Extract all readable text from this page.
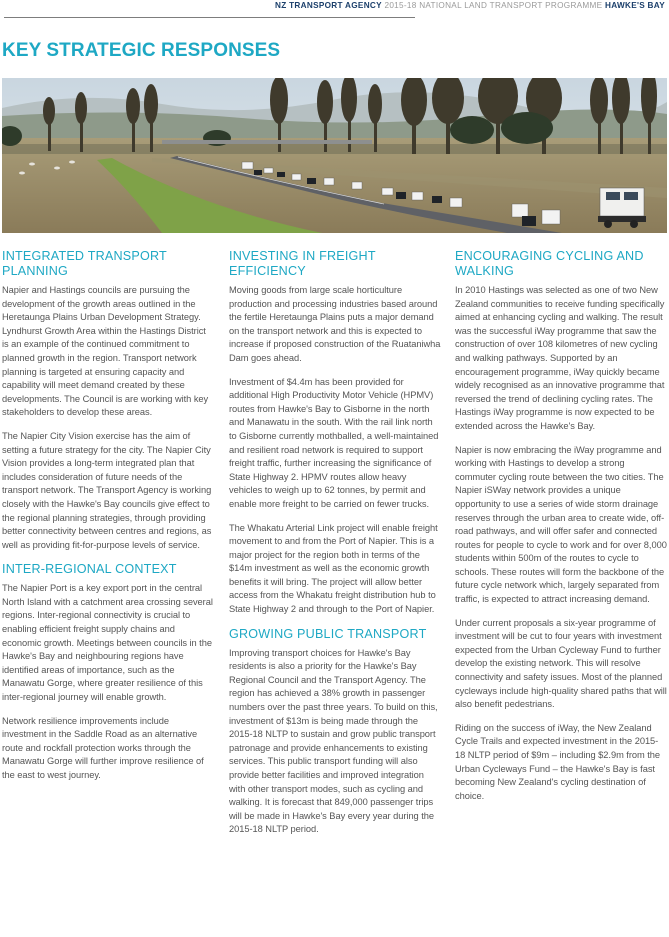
NZ TRANSPORT AGENCY 2015-18 NATIONAL LAND TRANSPORT PROGRAMME HAWKE'S BAY
KEY STRATEGIC RESPONSES
INTEGRATED TRANSPORT PLANNING

Napier and Hastings councils are pursuing the development of the growth areas outlined in the Heretaunga Plains Urban Development Strategy. Lyndhurst Growth Area within the Hastings District is an example of the continued commitment to planned growth in the region. Transport network planning is targeted at ensuring capacity and capability will meet demand created by these developments. The Council is are working with key stakeholders to develop these areas.

The Napier City Vision exercise has the aim of setting a future strategy for the city. The Napier City Vision provides a long-term integrated plan that includes consideration of future needs of the transport network. The Transport Agency is working closely with the Hawke's Bay councils give effect to the regional planning strategies, through providing better connectivity between centres and regions, as well as providing fit-for-purpose levels of service.

INTER-REGIONAL CONTEXT

The Napier Port is a key export port in the central North Island with a catchment area crossing several regions. Inter-regional connectivity is crucial to enabling efficient freight supply chains and economic growth. Meetings between councils in the Hawke's Bay and neighbouring regions have identified areas of importance, such as the Manawatu Gorge, where greater resilience of this inter-regional journey will enable growth.

Network resilience improvements include investment in the Saddle Road as an alternative route and rockfall protection works through the Manawatu Gorge will further improve resilience of the east to west journey.

INVESTING IN FREIGHT EFFICIENCY

Moving goods from large scale horticulture production and processing industries based around the fertile Heretaunga Plains puts a major demand on the transport network and this is expected to increase if proposed construction of the Ruataniwha Dam goes ahead.

Investment of $4.4m has been provided for additional High Productivity Motor Vehicle (HPMV) routes from Hawke's Bay to Gisborne in the north and Manawatu in the south. With the rail link north to Gisborne currently mothballed, a well-maintained and resilient road network is required to support freight traffic, further increasing the significance of State Highway 2. HPMV routes allow heavy vehicles to weigh up to 62 tonnes, by permit and enable more freight to be carried on fewer trucks.

The Whakatu Arterial Link project will enable freight movement to and from the Port of Napier. This is a major project for the region both in terms of the $14m investment as well as the economic growth benefits it will bring. The project will allow better access from the Whakatu freight distribution hub to State Highway 2 and through to the Port of Napier.

GROWING PUBLIC TRANSPORT

Improving transport choices for Hawke's Bay residents is also a priority for the Hawke's Bay Regional Council and the Transport Agency. The region has achieved a 38% growth in passenger numbers over the past three years. To build on this, investment of $13m is being made through the 2015-18 NLTP to sustain and grow public transport patronage and provide enhancements to existing services. This public transport funding will also provide better facilities and improved integration with other transport modes, such as cycling and walking. It is forecast that 849,000 passenger trips will be made in Hawke's Bay every year during the 2015-18 NLTP period.

ENCOURAGING CYCLING AND WALKING

In 2010 Hastings was selected as one of two New Zealand communities to receive funding specifically aimed at enhancing cycling and walking. The result was the successful iWay programme that saw the construction of over 108 kilometres of new cycling and walking pathways. Supported by an encouragement programme, iWay quickly became widely recognised as an innovative programme that reversed the trend of declining cycling rates. The Hastings iWay programme is now expected to be extended across the Hawke's Bay.

Napier is now embracing the iWay programme and working with Hastings to develop a strong commuter cycling route between the two cities. The Napier iSWay network provides a unique opportunity to use a series of wide storm drainage reserves through the urban area to create wide, off-road pathways, and will offer safer and connected routes for people to cycle to work and for over 8,000 students within 500m of the routes to cycle to schools. These routes will form the backbone of the future cycle network which, largely separated from traffic, is expected to attract increasing demand.

Under current proposals a six-year programme of investment will be cut to four years with investment expected from the Urban Cycleway Fund to further develop the existing network. This will resolve connectivity and safety issues. Most of the planned cycleways include high-quality shared paths that will also benefit pedestrians.

Riding on the success of iWay, the New Zealand Cycle Trails and expected investment in the 2015-18 NLTP period of $9m – including $2.9m from the Urban Cycleways Fund – the Hawke's Bay is fast becoming New Zealand's cycling destination of choice.
